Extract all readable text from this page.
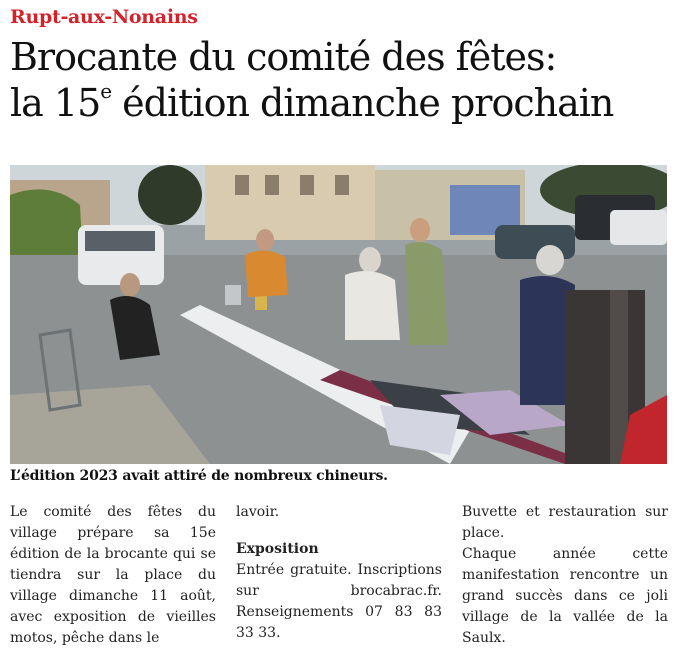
Rupt-aux-Nonains
Brocante du comité des fêtes:
la 15e édition dimanche prochain
L’édition 2023 avait attiré de nombreux chineurs.

Le comité des fêtes du village prépare sa 15e édition de la brocante qui se tiendra sur la place du village dimanche 11 août, avec exposition de vieilles motos, pêche dans le

lavoir.

Exposition

Entrée gratuite. Inscriptions sur brocabrac.fr. Renseignements 07 83 83 33 33.

Buvette et restauration sur place.

Chaque année cette manifestation rencontre un grand succès dans ce joli village de la vallée de la Saulx.
